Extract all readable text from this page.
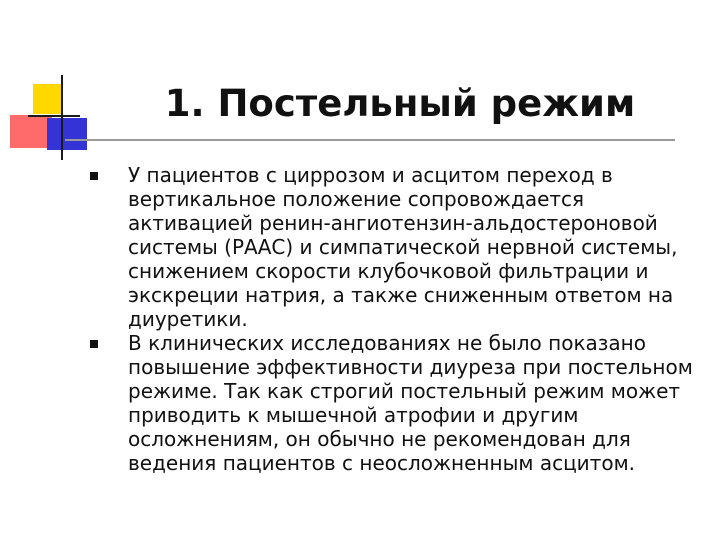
1. Постельный режим
У пациентов с циррозом и асцитом переход в вертикальное положение сопровождается активацией ренин-ангиотензин-альдостероновой системы (РААС) и симпатической нервной системы, снижением скорости клубочковой фильтрации и экскреции натрия, а также сниженным ответом на диуретики.
В клинических исследованиях не было показано повышение эффективности диуреза при постельном режиме. Так как строгий постельный режим может приводить к мышечной атрофии и другим осложнениям, он обычно не рекомендован для ведения пациентов с неосложненным асцитом.
